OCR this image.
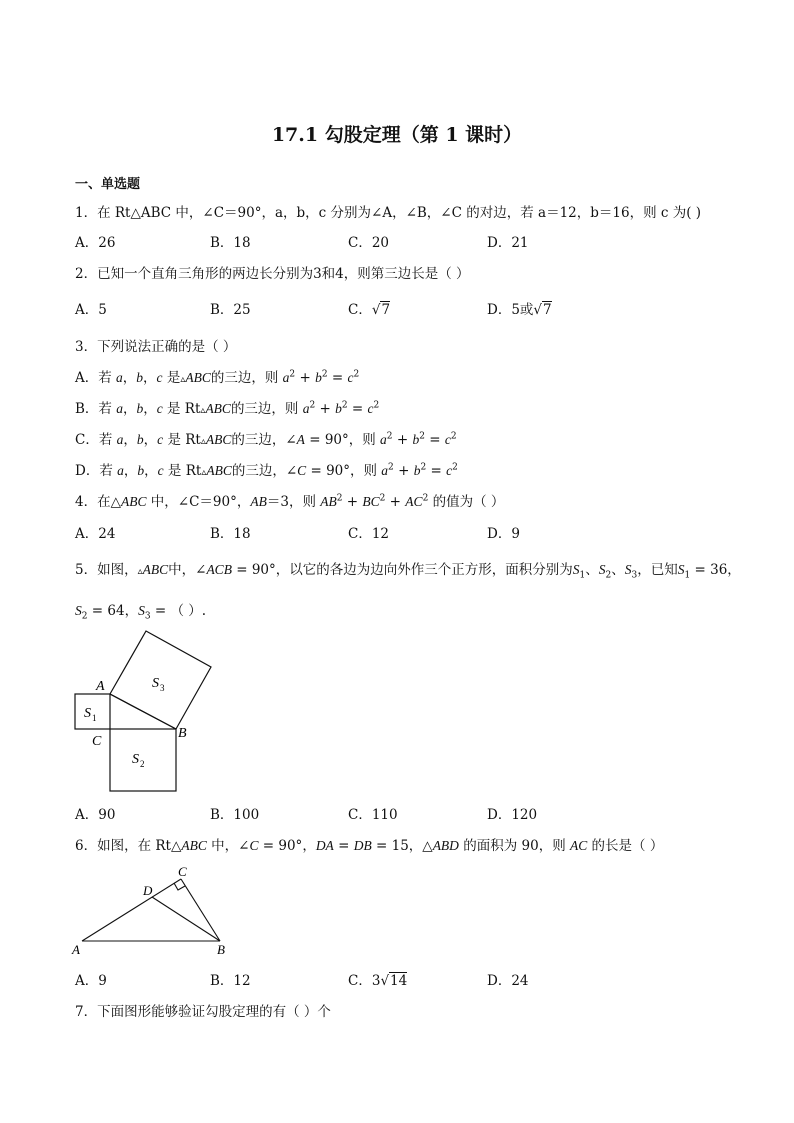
17.1 勾股定理（第 1 课时）
一、单选题
1．在 Rt△ABC 中，∠C＝90°，a，b，c 分别为∠A，∠B，∠C 的对边，若 a＝12，b＝16，则 c 为( )
A．26	B．18	C．20	D．21
2．已知一个直角三角形的两边长分别为3和4，则第三边长是（ ）
A．5	B．25	C．√7	D．5或√7
3．下列说法正确的是（ ）
A．若 a，b，c 是▵ABC的三边，则 $a^2 + b^2 = c^2$
B．若 a，b，c 是 Rt▵ABC的三边，则 $a^2 + b^2 = c^2$
C．若 a，b，c 是 Rt▵ABC的三边，∠A = 90°，则 $a^2 + b^2 = c^2$
D．若 a，b，c 是 Rt▵ABC的三边，∠C = 90°，则 $a^2 + b^2 = c^2$
4．在△ABC 中，∠C＝90°，AB＝3，则 $AB^2 + BC^2 + AC^2$ 的值为（ ）
A．24	B．18	C．12	D．9
5．如图，▵ABC中，∠ACB = 90°，以它的各边为边向外作三个正方形，面积分别为$S_1$、$S_2$、$S_3$，已知$S_1 = 36$，
$S_2 = 64$，$S_3$ = （ ）.
A
B
C
S 1
S 2
S 3
A．90	B．100	C．110	D．120
6．如图，在 Rt△ABC 中，∠C = 90°，DA = DB = 15，△ABD 的面积为 90，则 AC 的长是（ ）
A	B
C
D
A．9	B．12	C．3√14	D．24
7．下面图形能够验证勾股定理的有（ ）个
